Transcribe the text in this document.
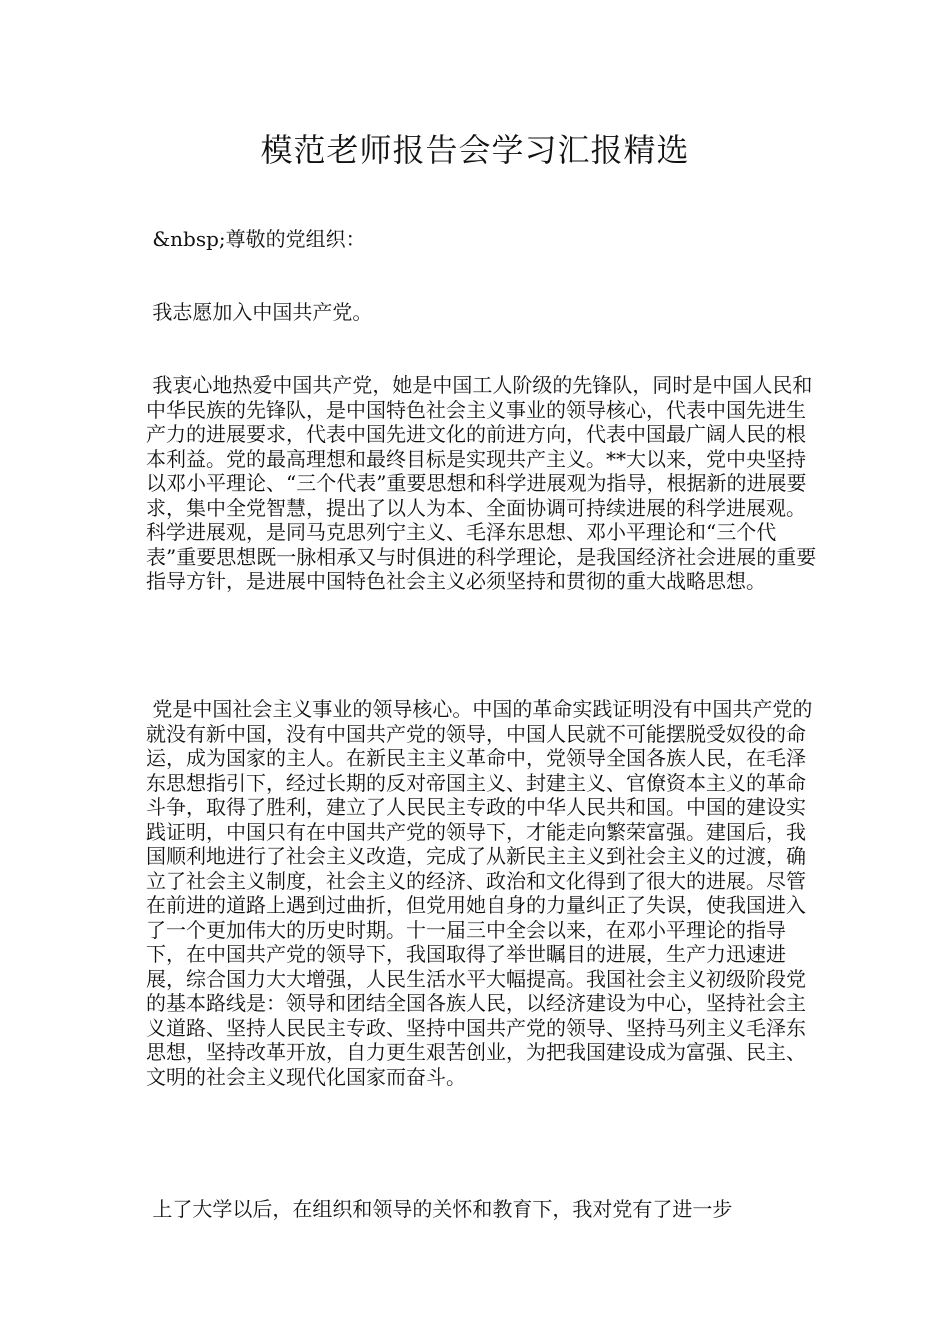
模范老师报告会学习汇报精选

&nbsp;尊敬的党组织：

我志愿加入中国共产党。

我衷心地热爱中国共产党，她是中国工人阶级的先锋队，同时是中国人民和中华民族的先锋队，是中国特色社会主义事业的领导核心，代表中国先进生产力的进展要求，代表中国先进文化的前进方向，代表中国最广阔人民的根本利益。党的最高理想和最终目标是实现共产主义。**大以来，党中央坚持以邓小平理论、“三个代表”重要思想和科学进展观为指导，根据新的进展要求，集中全党智慧，提出了以人为本、全面协调可持续进展的科学进展观。科学进展观，是同马克思列宁主义、毛泽东思想、邓小平理论和“三个代表”重要思想既一脉相承又与时俱进的科学理论，是我国经济社会进展的重要指导方针，是进展中国特色社会主义必须坚持和贯彻的重大战略思想。

党是中国社会主义事业的领导核心。中国的革命实践证明没有中国共产党的就没有新中国，没有中国共产党的领导，中国人民就不可能摆脱受奴役的命运，成为国家的主人。在新民主主义革命中，党领导全国各族人民，在毛泽东思想指引下，经过长期的反对帝国主义、封建主义、官僚资本主义的革命斗争，取得了胜利，建立了人民民主专政的中华人民共和国。中国的建设实践证明，中国只有在中国共产党的领导下，才能走向繁荣富强。建国后，我国顺利地进行了社会主义改造，完成了从新民主主义到社会主义的过渡，确立了社会主义制度，社会主义的经济、政治和文化得到了很大的进展。尽管在前进的道路上遇到过曲折，但党用她自身的力量纠正了失误，使我国进入了一个更加伟大的历史时期。十一届三中全会以来，在邓小平理论的指导下，在中国共产党的领导下，我国取得了举世瞩目的进展，生产力迅速进展，综合国力大大增强，人民生活水平大幅提高。我国社会主义初级阶段党的基本路线是：领导和团结全国各族人民，以经济建设为中心，坚持社会主义道路、坚持人民民主专政、坚持中国共产党的领导、坚持马列主义毛泽东思想，坚持改革开放，自力更生艰苦创业，为把我国建设成为富强、民主、文明的社会主义现代化国家而奋斗。

上了大学以后，在组织和领导的关怀和教育下，我对党有了进一步
